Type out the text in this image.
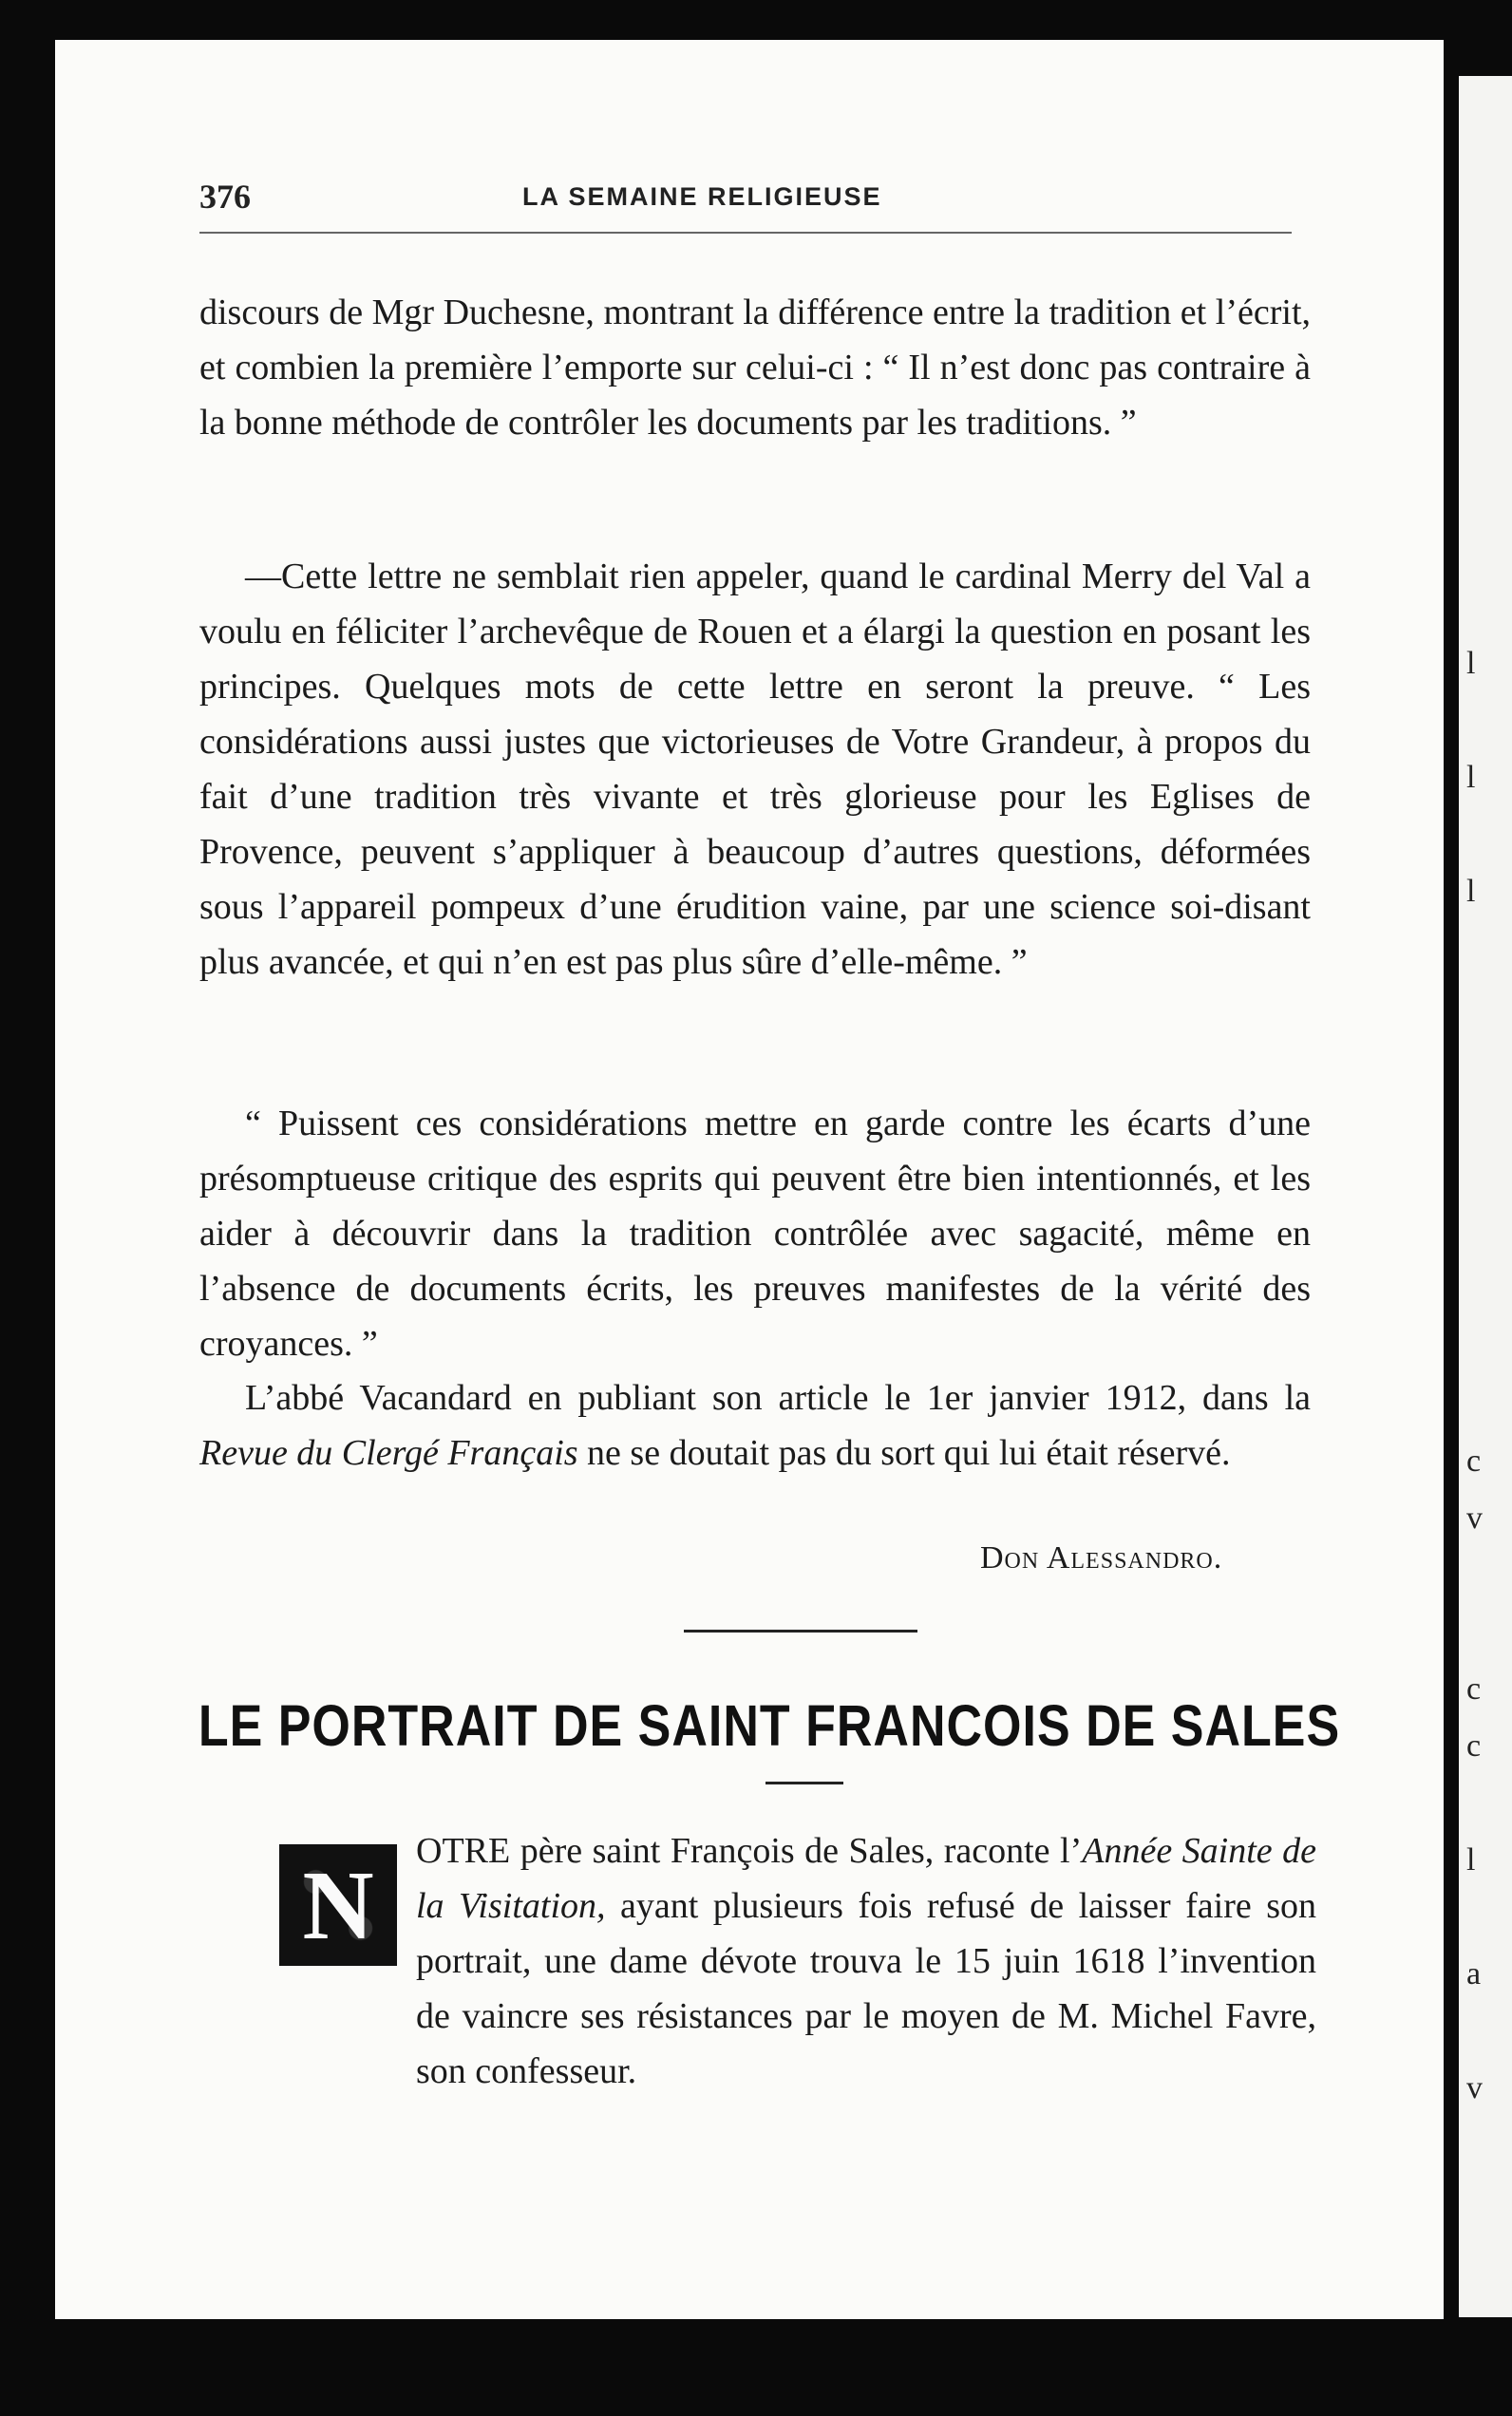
l
l
l
c
v
c
c
l
a
v
376	LA SEMAINE RELIGIEUSE

discours de Mgr Duchesne, montrant la différence entre la tradition et l’écrit, et combien la première l’emporte sur celui-ci : “ Il n’est donc pas contraire à la bonne méthode de contrôler les documents par les traditions. ”

—Cette lettre ne semblait rien appeler, quand le cardinal Merry del Val a voulu en féliciter l’archevêque de Rouen et a élargi la question en posant les principes. Quelques mots de cette lettre en seront la preuve. “ Les considérations aussi justes que victorieuses de Votre Grandeur, à propos du fait d’une tradition très vivante et très glorieuse pour les Eglises de Provence, peuvent s’appliquer à beaucoup d’autres questions, déformées sous l’appareil pompeux d’une érudition vaine, par une science soi-disant plus avancée, et qui n’en est pas plus sûre d’elle-même. ”

“ Puissent ces considérations mettre en garde contre les écarts d’une présomptueuse critique des esprits qui peuvent être bien intentionnés, et les aider à découvrir dans la tradition contrôlée avec sagacité, même en l’absence de documents écrits, les preuves manifestes de la vérité des croyances. ”

L’abbé Vacandard en publiant son article le 1er janvier 1912, dans la Revue du Clergé Français ne se doutait pas du sort qui lui était réservé.

Don Alessandro.
LE PORTRAIT DE SAINT FRANCOIS DE SALES
N	OTRE père saint François de Sales, raconte l’Année Sainte de la Visitation, ayant plusieurs fois refusé de laisser faire son portrait, une dame dévote trouva le 15 juin 1618 l’invention de vaincre ses résistances par le moyen de M. Michel Favre, son confesseur.
